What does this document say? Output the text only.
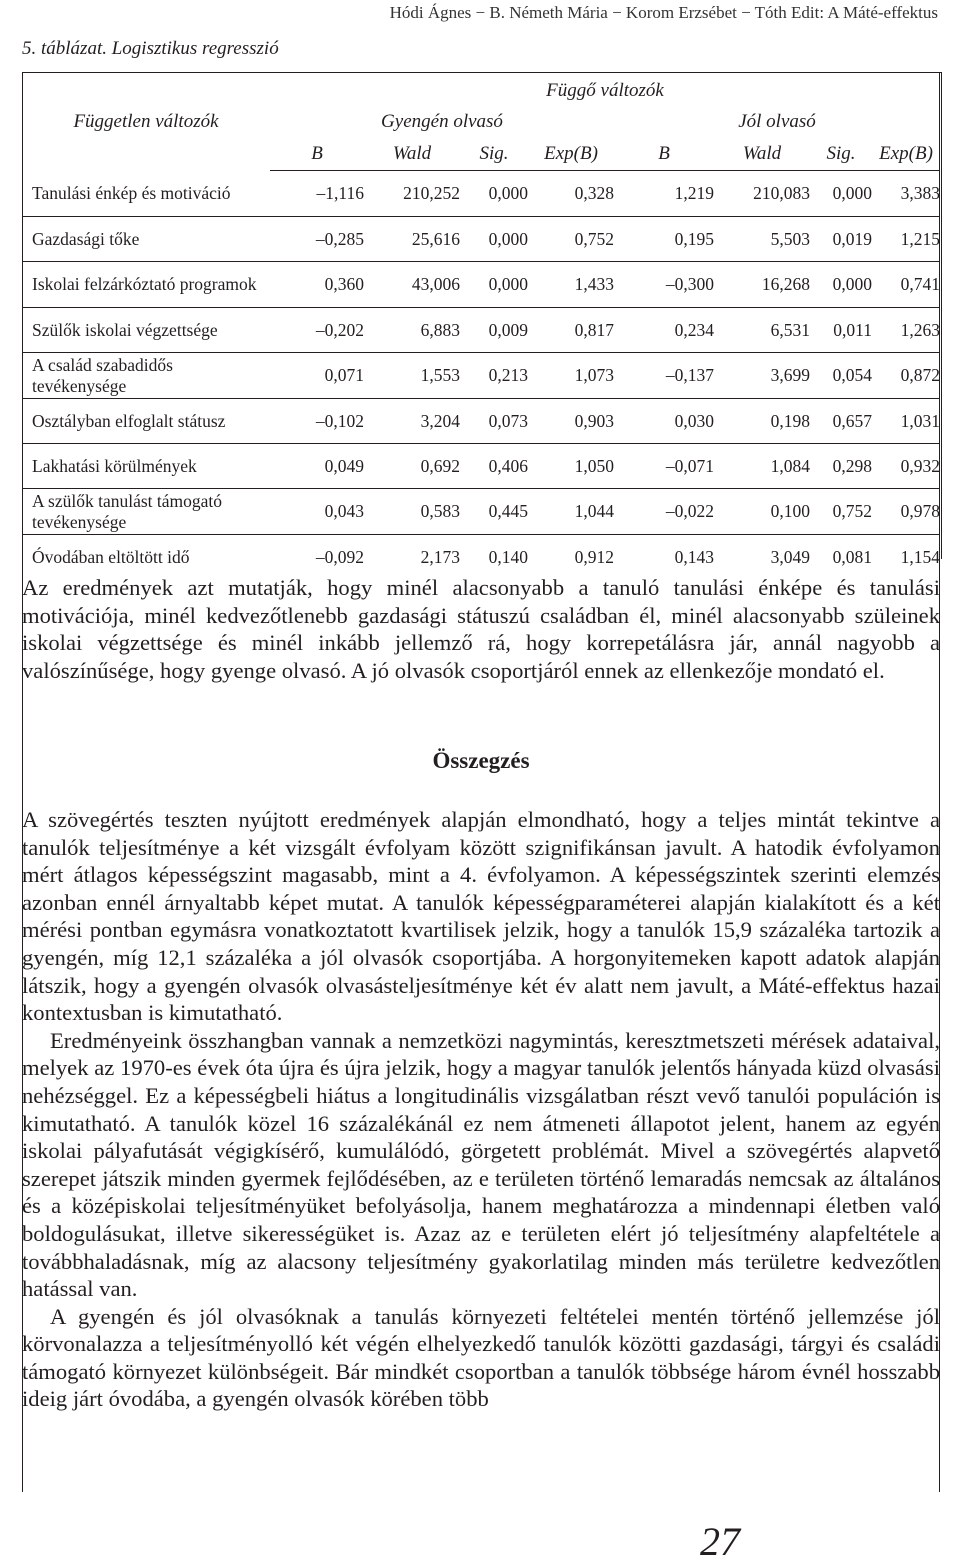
Hódi Ágnes − B. Németh Mária − Korom Erzsébet − Tóth Edit: A Máté-effektus
5. táblázat. Logisztikus regresszió
	Függő változók							
Független változók	Gyengén olvasó				Jól olvasó			
	B	Wald	Sig.	Exp(B)	B	Wald	Sig.	Exp(B)
Tanulási énkép és motiváció	–1,116	210,252	0,000	0,328	1,219	210,083	0,000	3,383
Gazdasági tőke	–0,285	25,616	0,000	0,752	0,195	5,503	0,019	1,215
Iskolai felzárkóztató programok	0,360	43,006	0,000	1,433	–0,300	16,268	0,000	0,741
Szülők iskolai végzettsége	–0,202	6,883	0,009	0,817	0,234	6,531	0,011	1,263
A család szabadidős tevékenysége	0,071	1,553	0,213	1,073	–0,137	3,699	0,054	0,872
Osztályban elfoglalt státusz	–0,102	3,204	0,073	0,903	0,030	0,198	0,657	1,031
Lakhatási körülmények	0,049	0,692	0,406	1,050	–0,071	1,084	0,298	0,932
A szülők tanulást támogató tevékenysége	0,043	0,583	0,445	1,044	–0,022	0,100	0,752	0,978
Óvodában eltöltött idő	–0,092	2,173	0,140	0,912	0,143	3,049	0,081	1,154

Az eredmények azt mutatják, hogy minél alacsonyabb a tanuló tanulási énképe és tanulási motivációja, minél kedvezőtlenebb gazdasági státuszú családban él, minél alacsonyabb szüleinek iskolai végzettsége és minél inkább jellemző rá, hogy korrepetálásra jár, annál nagyobb a valószínűsége, hogy gyenge olvasó. A jó olvasók csoportjáról ennek az ellenkezője mondató el.

Összegzés

A szövegértés teszten nyújtott eredmények alapján elmondható, hogy a teljes mintát tekintve a tanulók teljesítménye a két vizsgált évfolyam között szignifikánsan javult. A hatodik évfolyamon mért átlagos képességszint magasabb, mint a 4. évfolyamon. A képességszintek szerinti elemzés azonban ennél árnyaltabb képet mutat. A tanulók képességparaméterei alapján kialakított és a két mérési pontban egymásra vonatkoztatott kvartilisek jelzik, hogy a tanulók 15,9 százaléka tartozik a gyengén, míg 12,1 százaléka a jól olvasók csoportjába. A horgonyitemeken kapott adatok alapján látszik, hogy a gyengén olvasók olvasásteljesítménye két év alatt nem javult, a Máté-effektus hazai kontextusban is kimutatható.

Eredményeink összhangban vannak a nemzetközi nagymintás, keresztmetszeti mérések adataival, melyek az 1970-es évek óta újra és újra jelzik, hogy a magyar tanulók jelentős hányada küzd olvasási nehézséggel. Ez a képességbeli hiátus a longitudinális vizsgálatban részt vevő tanulói populáción is kimutatható. A tanulók közel 16 százalékánál ez nem átmeneti állapotot jelent, hanem az egyén iskolai pályafutását végigkísérő, kumulálódó, görgetett problémát. Mivel a szövegértés alapvető szerepet játszik minden gyermek fejlődésében, az e területen történő lemaradás nemcsak az általános és a középiskolai teljesítményüket befolyásolja, hanem meghatározza a mindennapi életben való boldogulásukat, illetve sikerességüket is. Azaz az e területen elért jó teljesítmény alapfeltétele a továbbhaladásnak, míg az alacsony teljesítmény gyakorlatilag minden más területre kedvezőtlen hatással van.

A gyengén és jól olvasóknak a tanulás környezeti feltételei mentén történő jellemzése jól körvonalazza a teljesítményolló két végén elhelyezkedő tanulók közötti gazdasági, tárgyi és családi támogató környezet különbségeit. Bár mindkét csoportban a tanulók többsége három évnél hosszabb ideig járt óvodába, a gyengén olvasók körében több

27
